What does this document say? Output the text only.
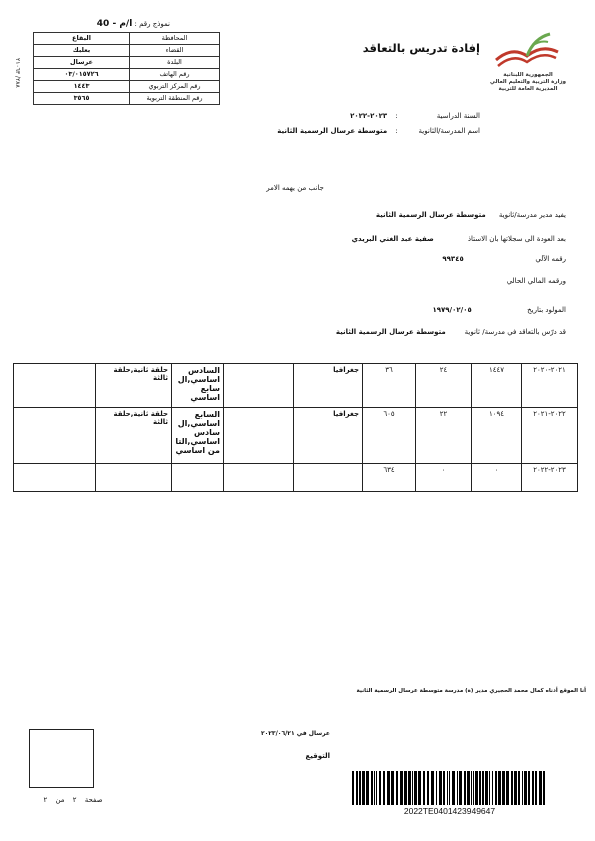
٢٨٨/ ٢١٠٦٣
نموذج رقم : ا/م - 40
المحافظة	البقاع
القضاء	بعلبك
البلدة	عرسال
رقم الهاتف	٠٣/٠١٥٧٢٦
رقم المركز التربوي	١٤٤٣
رقم المنطقة التربوية	٣٥٦٥
الجمهورية اللبنانية
وزارة التربية والتعليم العالي
المديرية العامة للتربية
إفادة تدريس بالتعاقد
السنة الدراسية : ٢٠٢٣-٢٠٢٢
اسم المدرسة/الثانوية : متوسطة عرسال الرسمية الثانية
جانب من يهمه الامر
يفيد مدير مدرسة/ثانوية متوسطة عرسال الرسمية الثانية
بعد العودة الى سجلاتها بان الاستاذ صفية عبد الغني البريدي
رقمه الآلي ٩٩٣٤٥
ورقمه المالي الحالي
المولود بتاريخ ١٩٧٩/٠٢/٠٥
قد درّس بالتعاقد في مدرسة/ ثانوية متوسطة عرسال الرسمية الثانية
٢٠٢١-٢٠٢٠	١٤٤٧	٢٤	٣٦	جغرافيا		السادس اساسي,ال سابع اساسي	حلقة ثانية,حلقة ثالثة	
٢٠٢٢-٢٠٢١	١٠٩٤	٢٢	٦٠٥	جغرافيا		السابع اساسي,ال سادس اساسي,التا من اساسي	حلقة ثانية,حلقة ثالثة	
٢٠٢٣-٢٠٢٢	٠	٠	٦٣٤					
أنا الموقع أدناه كمال محمد الحجيري مدير (ة) مدرسة متوسطة عرسال الرسمية الثانية
عرسال في ٢٠٢٣/٠٦/٢١
التوقيع
صفحة ٢ من ٢
2022TE0401423949647
